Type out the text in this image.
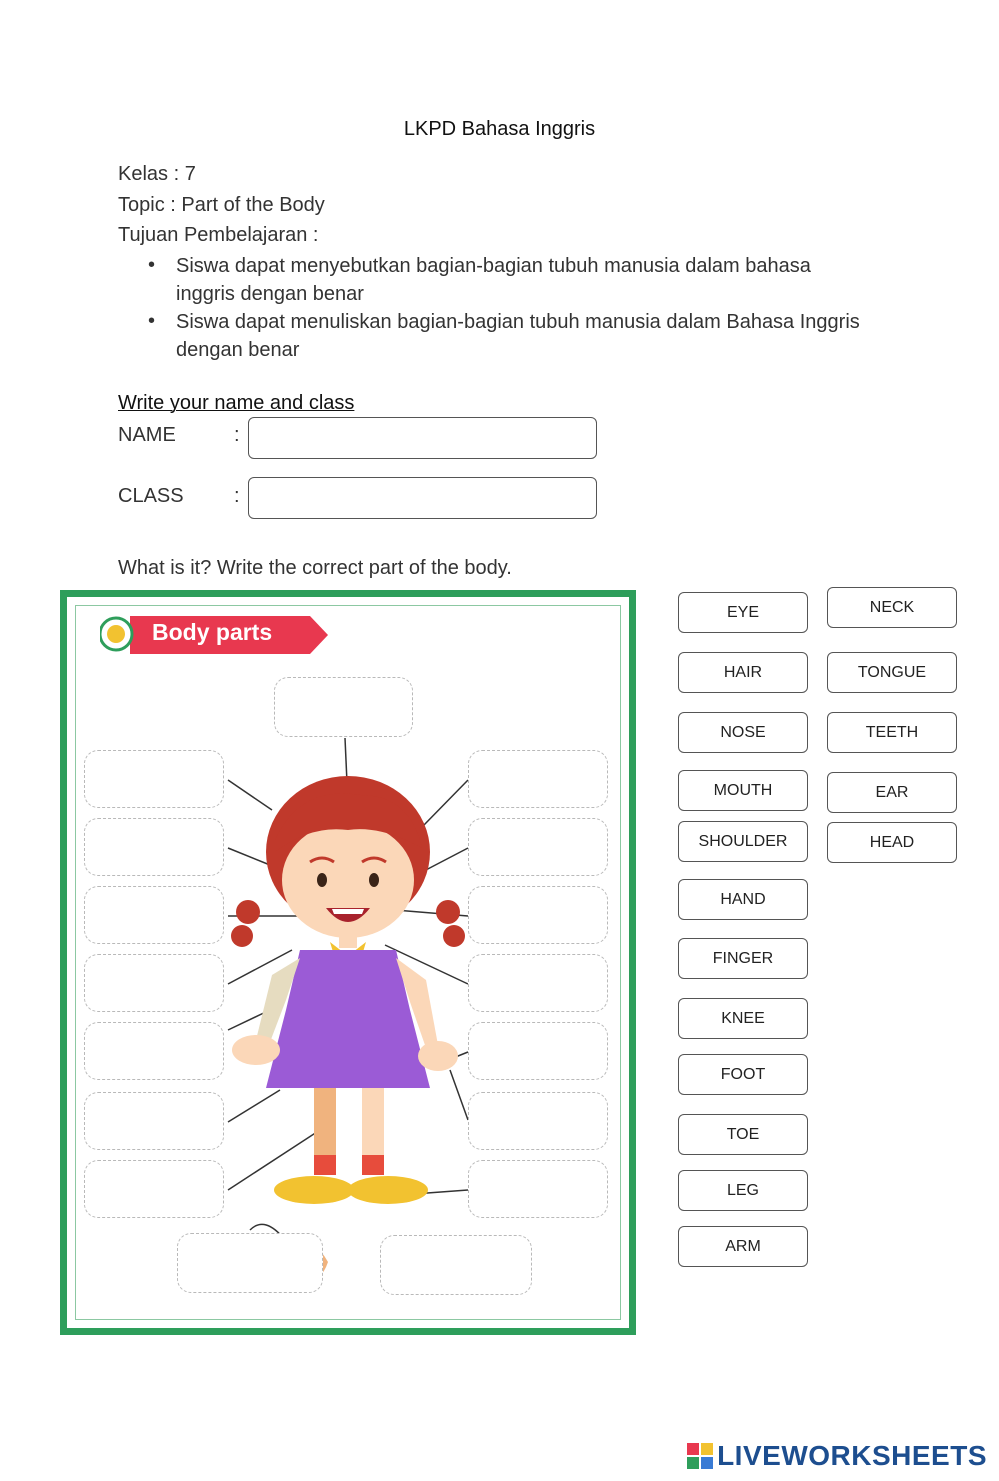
LKPD Bahasa Inggris
Kelas : 7
Topic : Part of the Body
Tujuan Pembelajaran :
• Siswa dapat menyebutkan bagian-bagian tubuh manusia dalam bahasa inggris dengan benar
• Siswa dapat menuliskan bagian-bagian tubuh manusia dalam Bahasa Inggris dengan benar
Write your name and class
NAME	:
CLASS	:
What is it? Write the correct part of the body.
Body parts
EYE
HAIR
NOSE
MOUTH
SHOULDER
HAND
FINGER
KNEE
FOOT
TOE
LEG
ARM
NECK
TONGUE
TEETH
EAR
HEAD
LIVEWORKSHEETS
